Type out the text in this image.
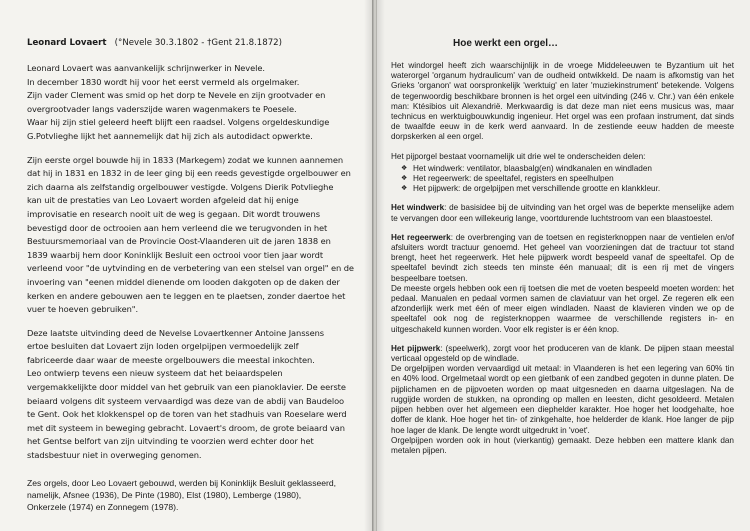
Leonard Lovaert (°Nevele 30.3.1802 - †Gent 21.8.1872)

Leonard Lovaert was aanvankelijk schrijnwerker in Nevele.

In december 1830 wordt hij voor het eerst vermeld als orgelmaker.

Zijn vader Clement was smid op het dorp te Nevele en zijn grootvader en

overgrootvader langs vaderszijde waren wagenmakers te Poesele.

Waar hij zijn stiel geleerd heeft blijft een raadsel. Volgens orgeldeskundige

G.Potvlieghe lijkt het aannemelijk dat hij zich als autodidact opwerkte.

Zijn eerste orgel bouwde hij in 1833 (Markegem) zodat we kunnen aannemen

dat hij in 1831 en 1832 in de leer ging bij een reeds gevestigde orgelbouwer en

zich daarna als zelfstandig orgelbouwer vestigde. Volgens Dierik Potvlieghe

kan uit de prestaties van Leo Lovaert worden afgeleid dat hij enige

improvisatie en research nooit uit de weg is gegaan. Dit wordt trouwens

bevestigd door de octrooien aan hem verleend die we terugvonden in het

Bestuursmemoriaal van de Provincie Oost-Vlaanderen uit de jaren 1838 en

1839 waarbij hem door Koninklijk Besluit een octrooi voor tien jaar wordt

verleend voor "de uytvinding en de verbetering van een stelsel van orgel" en de

invoering van "eenen middel dienende om looden dakgoten op de daken der

kerken en andere gebouwen aen te leggen en te plaetsen, zonder daertoe het

vuer te hoeven gebruiken".

Deze laatste uitvinding deed de Nevelse Lovaertkenner Antoine Janssens

ertoe besluiten dat Lovaert zijn loden orgelpijpen vermoedelijk zelf

fabriceerde daar waar de meeste orgelbouwers die meestal inkochten.

Leo ontwierp tevens een nieuw systeem dat het beiaardspelen

vergemakkelijkte door middel van het gebruik van een pianoklavier. De eerste

beiaard volgens dit systeem vervaardigd was deze van de abdij van Baudeloo

te Gent. Ook het klokkenspel op de toren van het stadhuis van Roeselare werd

met dit systeem in beweging gebracht. Lovaert's droom, de grote beiaard van

het Gentse belfort van zijn uitvinding te voorzien werd echter door het

stadsbestuur niet in overweging genomen.

Zes orgels, door Leo Lovaert gebouwd, werden bij Koninklijk Besluit geklasseerd,

namelijk, Afsnee (1936), De Pinte (1980), Elst (1980), Lemberge (1980),

Onkerzele (1974) en Zonnegem (1978).

Hoe werkt een orgel…

Het windorgel heeft zich waarschijnlijk in de vroege Middeleeuwen te Byzantium uit het waterorgel 'organum hydraulicum' van de oudheid ontwikkeld. De naam is afkomstig van het Grieks 'organon' wat oorspronkelijk 'werktuig' en later 'muziekinstrument' betekende. Volgens de tegenwoordig beschikbare bronnen is het orgel een uitvinding (246 v. Chr.) van één enkele man: Ktésibios uit Alexandrië. Merkwaardig is dat deze man niet eens musicus was, maar technicus en werktuigbouwkundig ingenieur. Het orgel was een profaan instrument, dat sinds de twaalfde eeuw in de kerk werd aanvaard. In de zestiende eeuw hadden de meeste dorpskerken al een orgel.

Het pijporgel bestaat voornamelijk uit drie wel te onderscheiden delen:

❖ Het windwerk: ventilator, blaasbalg(en) windkanalen en windladen
❖ Het regeerwerk: de speeltafel, registers en speelhulpen
❖ Het pijpwerk: de orgelpijpen met verschillende grootte en klankkleur.

Het windwerk: de basisidee bij de uitvinding van het orgel was de beperkte menselijke adem te vervangen door een willekeurig lange, voortdurende luchtstroom van een blaastoestel.

Het regeerwerk: de overbrenging van de toetsen en registerknoppen naar de ventielen en/of afsluiters wordt tractuur genoemd. Het geheel van voorzieningen dat de tractuur tot stand brengt, heet het regeerwerk. Het hele pijpwerk wordt bespeeld vanaf de speeltafel. Op de speeltafel bevindt zich steeds ten minste één manuaal; dit is een rij met de vingers bespeelbare toetsen.

De meeste orgels hebben ook een rij toetsen die met de voeten bespeeld moeten worden: het pedaal. Manualen en pedaal vormen samen de claviatuur van het orgel. Ze regeren elk een afzonderlijk werk met één of meer eigen windladen. Naast de klavieren vinden we op de speeltafel ook nog de registerknoppen waarmee de verschillende registers in- en uitgeschakeld kunnen worden. Voor elk register is er één knop.

Het pijpwerk: (speelwerk), zorgt voor het produceren van de klank. De pijpen staan meestal verticaal opgesteld op de windlade.

De orgelpijpen worden vervaardigd uit metaal: in Vlaanderen is het een legering van 60% tin en 40% lood. Orgelmetaal wordt op een gietbank of een zandbed gegoten in dunne platen. De pijplichamen en de pijpvoeten worden op maat uitgesneden en daarna uitgeslagen. Na de ruggijde worden de stukken, na opronding op mallen en leesten, dicht gesoldeerd. Metalen pijpen hebben over het algemeen een diephelder karakter. Hoe hoger het loodgehalte, hoe doffer de klank. Hoe hoger het tin- of zinkgehalte, hoe helderder de klank. Hoe langer de pijp hoe lager de klank. De lengte wordt uitgedrukt in 'voet'.

Orgelpijpen worden ook in hout (vierkantig) gemaakt. Deze hebben een mattere klank dan metalen pijpen.
